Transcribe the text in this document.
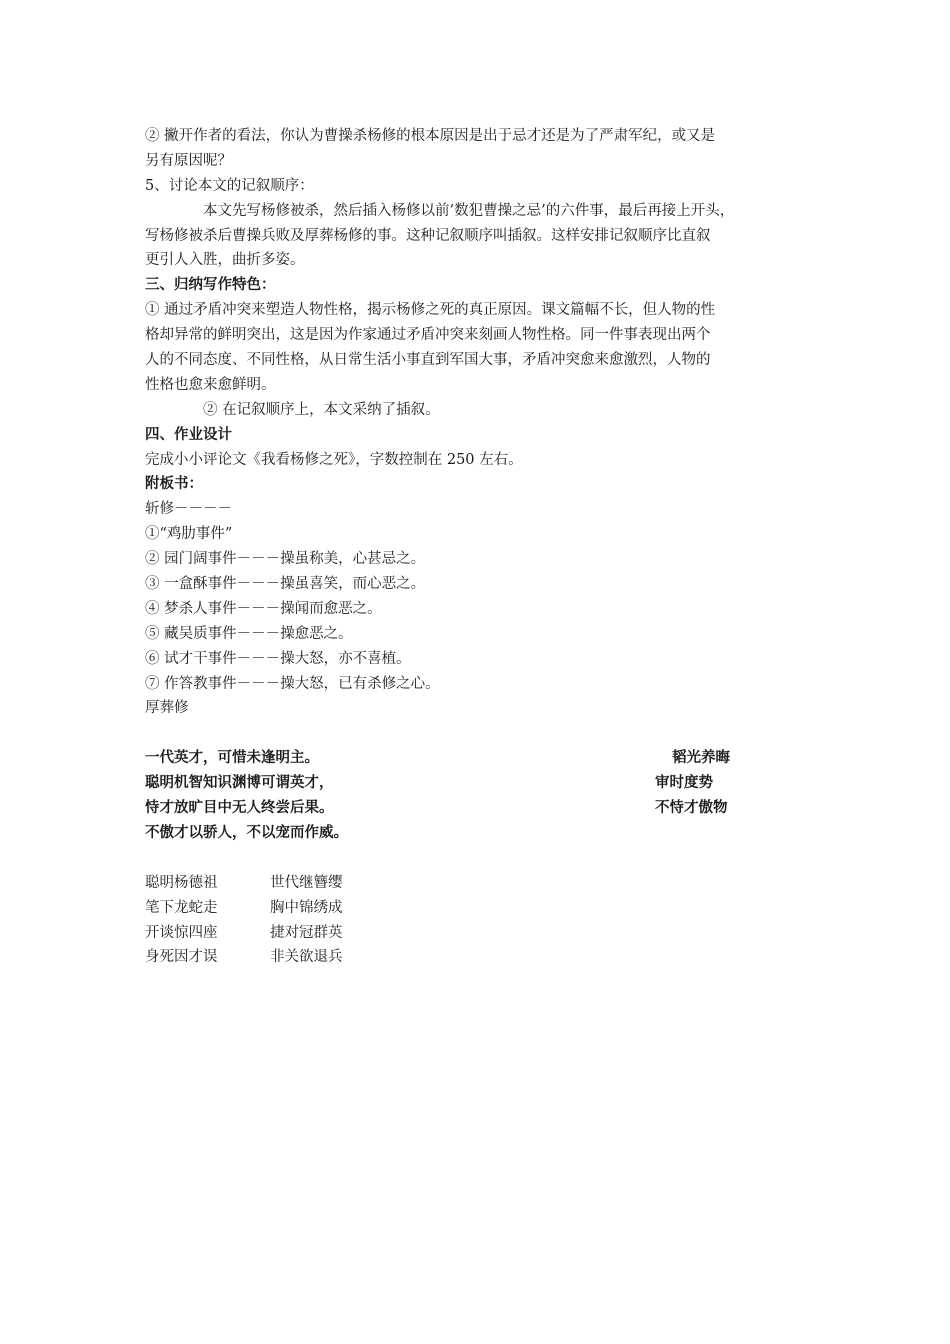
② 撇开作者的看法，你认为曹操杀杨修的根本原因是出于忌才还是为了严肃军纪，或又是
另有原因呢？
5、讨论本文的记叙顺序：
本文先写杨修被杀，然后插入杨修以前’数犯曹操之忌’的六件事，最后再接上开头，
写杨修被杀后曹操兵败及厚葬杨修的事。这种记叙顺序叫插叙。这样安排记叙顺序比直叙
更引人入胜，曲折多姿。
三、归纳写作特色：
① 通过矛盾冲突来塑造人物性格，揭示杨修之死的真正原因。课文篇幅不长，但人物的性
格却异常的鲜明突出，这是因为作家通过矛盾冲突来刻画人物性格。同一件事表现出两个
人的不同态度、不同性格，从日常生活小事直到军国大事，矛盾冲突愈来愈激烈，人物的
性格也愈来愈鲜明。
② 在记叙顺序上，本文采纳了插叙。
四、作业设计
完成小小评论文《我看杨修之死》，字数控制在 250 左右。
附板书：
斩修－－－－
①“鸡肋事件”
② 园门阔事件－－－操虽称美，心甚忌之。
③ 一盒酥事件－－－操虽喜笑，而心恶之。
④ 梦杀人事件－－－操闻而愈恶之。
⑤ 藏吴质事件－－－操愈恶之。
⑥ 试才干事件－－－操大怒，亦不喜植。
⑦ 作答教事件－－－操大怒，已有杀修之心。
厚葬修
一代英才，可惜未逢明主。	韬光养晦
聪明机智知识渊博可谓英才，	审时度势
恃才放旷目中无人终尝后果。	不恃才傲物
不傲才以骄人，不以宠而作威。
聪明杨德祖	世代继簪缨
笔下龙蛇走	胸中锦绣成
开谈惊四座	捷对冠群英
身死因才误	非关欲退兵
